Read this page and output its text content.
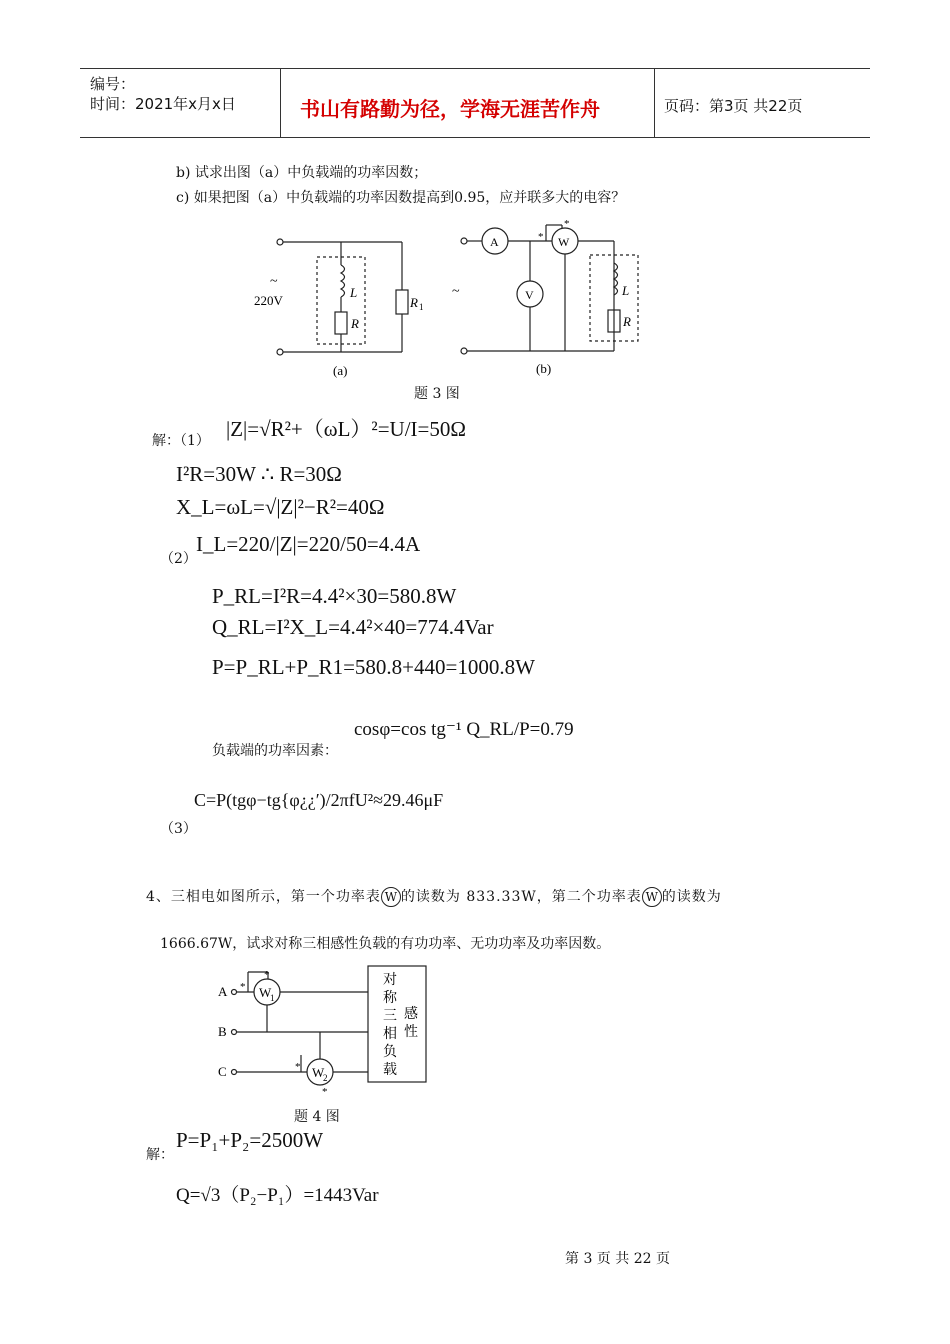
编号：
时间：2021年x月x日	书山有路勤为径，学海无涯苦作舟	页码：第3页 共22页
b) 试求出图（a）中负载端的功率因数；
c) 如果把图（a）中负载端的功率因数提高到0.95，应并联多大的电容？
~
220V
L
R
R 1
~
A	W
V
*
*
L
R
(a)	(b)
题 3 图
解：（1） |Z|=√R²+（ωL）²=U/I=50Ω
I²R=30W ∴ R=30Ω
X_L=ωL=√|Z|²−R²=40Ω
（2）
I_L=220/|Z|=220/50=4.4A
P_RL=I²R=4.4²×30=580.8W
Q_RL=I²X_L=4.4²×40=774.4Var
P=P_RL+P_R1=580.8+440=1000.8W
负载端的功率因素：
cosφ=cos tg⁻¹ Q_RL/P=0.79
（3）
C=P(tgφ−tg{φ¿¿′)/2πfU²≈29.46μF
4、三相电如图所示，第一个功率表 W 的读数为 833.33W，第二个功率表 W 的读数为
1666.67W，试求对称三相感性负载的有功功率、无功功率及功率因数。
A
B
C
W
1
W
2
*
*
*
*
对
称
三
相
负
载
感
性
题 4 图
解：
P=P₁+P₂=2500W
Q=√3（P₂−P₁）=1443Var
第 3 页 共 22 页
